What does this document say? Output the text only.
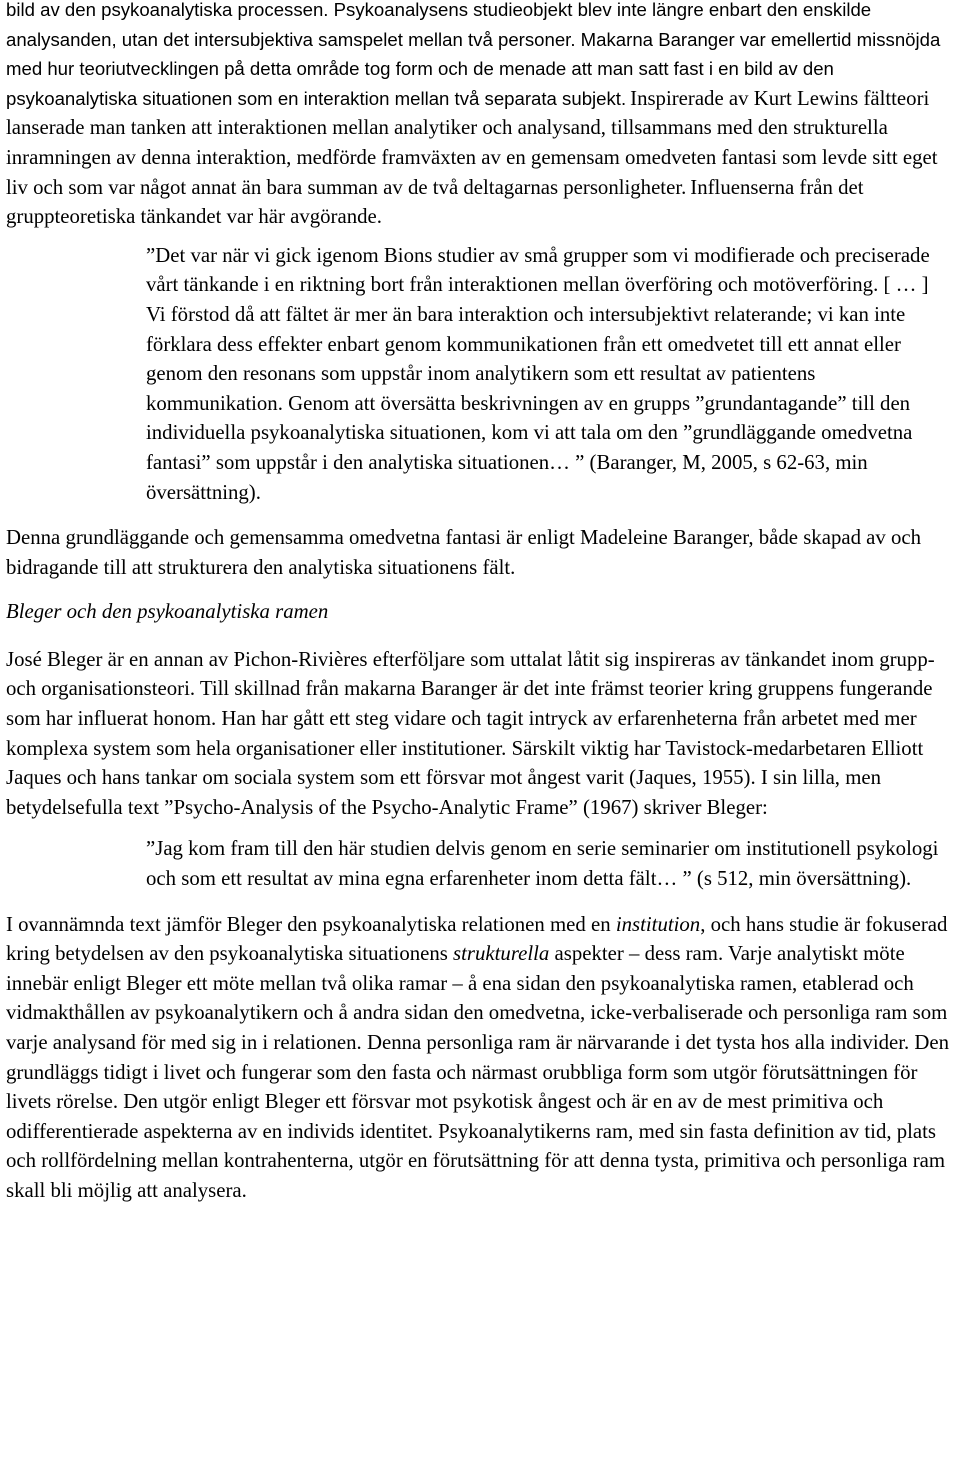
bild av den psykoanalytiska processen. Psykoanalysens studieobjekt blev inte längre enbart den enskilde analysanden, utan det intersubjektiva samspelet mellan två personer. Makarna Baranger var emellertid missnöjda med hur teoriutvecklingen på detta område tog form och de menade att man satt fast i en bild av den psykoanalytiska situationen som en interaktion mellan två separata subjekt. Inspirerade av Kurt Lewins fältteori lanserade man tanken att interaktionen mellan analytiker och analysand, tillsammans med den strukturella inramningen av denna interaktion, medförde framväxten av en gemensam omedveten fantasi som levde sitt eget liv och som var något annat än bara summan av de två deltagarnas personligheter. Influenserna från det gruppteoretiska tänkandet var här avgörande.

”Det var när vi gick igenom Bions studier av små grupper som vi modifierade och preciserade vårt tänkande i en riktning bort från interaktionen mellan överföring och motöverföring. [ … ] Vi förstod då att fältet är mer än bara interaktion och intersubjektivt relaterande; vi kan inte förklara dess effekter enbart genom kommunikationen från ett omedvetet till ett annat eller genom den resonans som uppstår inom analytikern som ett resultat av patientens kommunikation. Genom att översätta beskrivningen av en grupps ”grundantagande” till den individuella psykoanalytiska situationen, kom vi att tala om den ”grundläggande omedvetna fantasi” som uppstår i den analytiska situationen… ” (Baranger, M, 2005, s 62-63, min översättning).

Denna grundläggande och gemensamma omedvetna fantasi är enligt Madeleine Baranger, både skapad av och bidragande till att strukturera den analytiska situationens fält.

Bleger och den psykoanalytiska ramen

José Bleger är en annan av Pichon-Rivières efterföljare som uttalat låtit sig inspireras av tänkandet inom grupp- och organisationsteori. Till skillnad från makarna Baranger är det inte främst teorier kring gruppens fungerande som har influerat honom. Han har gått ett steg vidare och tagit intryck av erfarenheterna från arbetet med mer komplexa system som hela organisationer eller institutioner. Särskilt viktig har Tavistock-medarbetaren Elliott Jaques och hans tankar om sociala system som ett försvar mot ångest varit (Jaques, 1955). I sin lilla, men betydelsefulla text ”Psycho-Analysis of the Psycho-Analytic Frame” (1967) skriver Bleger:

”Jag kom fram till den här studien delvis genom en serie seminarier om institutionell psykologi och som ett resultat av mina egna erfarenheter inom detta fält… ” (s 512, min översättning).

I ovannämnda text jämför Bleger den psykoanalytiska relationen med en institution, och hans studie är fokuserad kring betydelsen av den psykoanalytiska situationens strukturella aspekter – dess ram. Varje analytiskt möte innebär enligt Bleger ett möte mellan två olika ramar – å ena sidan den psykoanalytiska ramen, etablerad och vidmakthållen av psykoanalytikern och å andra sidan den omedvetna, icke-verbaliserade och personliga ram som varje analysand för med sig in i relationen. Denna personliga ram är närvarande i det tysta hos alla individer. Den grundläggs tidigt i livet och fungerar som den fasta och närmast orubbliga form som utgör förutsättningen för livets rörelse. Den utgör enligt Bleger ett försvar mot psykotisk ångest och är en av de mest primitiva och odifferentierade aspekterna av en individs identitet. Psykoanalytikerns ram, med sin fasta definition av tid, plats och rollfördelning mellan kontrahenterna, utgör en förutsättning för att denna tysta, primitiva och personliga ram skall bli möjlig att analysera.
